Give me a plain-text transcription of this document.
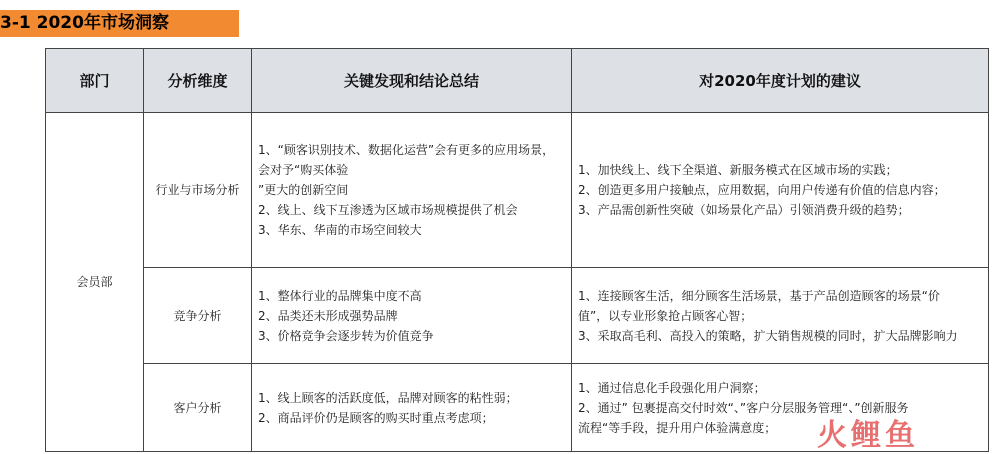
3-1 2020年市场洞察
部门	分析维度	关键发现和结论总结	对2020年度计划的建议
会员部	行业与市场分析	1、“顾客识别技术、数据化运营”会有更多的应用场景，
会对予“购买体验
”更大的创新空间
2、线上、线下互渗透为区域市场规模提供了机会
3、华东、华南的市场空间较大	1、加快线上、线下全渠道、新服务模式在区域市场的实践；
2、创造更多用户接触点，应用数据，向用户传递有价值的信息内容；
3、产品需创新性突破（如场景化产品）引领消费升级的趋势；

	竞争分析	1、整体行业的品牌集中度不高
2、品类还未形成强势品牌
3、价格竞争会逐步转为价值竞争	1、连接顾客生活，细分顾客生活场景，基于产品创造顾客的场景“价
值”，以专业形象抢占顾客心智；
3、采取高毛利、高投入的策略，扩大销售规模的同时，扩大品牌影响力

	客户分析	1、线上顾客的活跃度低，品牌对顾客的粘性弱；
2、商品评价仍是顾客的购买时重点考虑项；	1、通过信息化手段强化用户洞察；
2、通过” 包裹提高交付时效“、”客户分层服务管理“、”创新服务
流程“等手段，提升用户体验满意度；	火鲤鱼
